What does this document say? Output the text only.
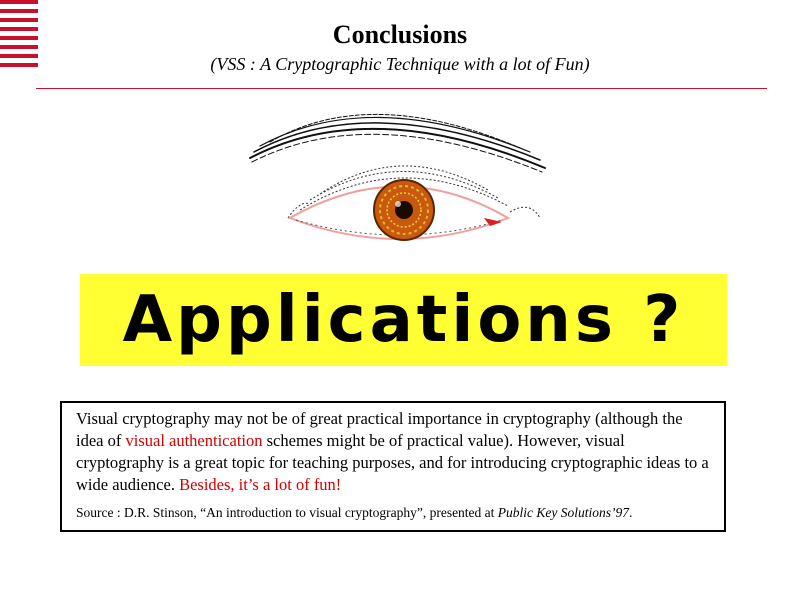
Conclusions
(VSS : A Cryptographic Technique with a lot of Fun)
Applications ?

Visual cryptography may not be of great practical importance in cryptography (although the idea of visual authentication schemes might be of practical value). However, visual cryptography is a great topic for teaching purposes, and for introducing cryptographic ideas to a wide audience. Besides, it’s a lot of fun!

Source : D.R. Stinson, “An introduction to visual cryptography”, presented at Public Key Solutions’97.
